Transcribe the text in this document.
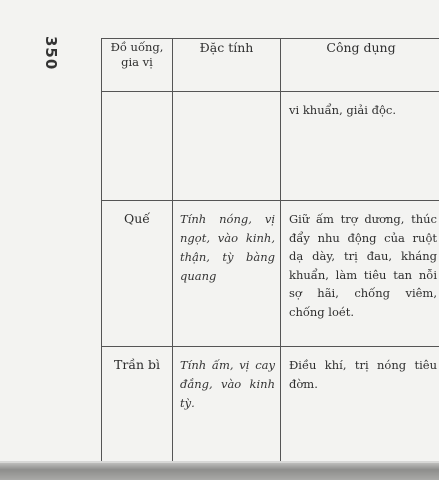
350	Đồ uống, gia vị	Đặc tính	Công dụng
		vi khuẩn, giải độc.
Quế	Tính nóng, vị ngọt, vào kinh, thận, tỳ bàng quang	Giữ ấm trợ dương, thúc đẩy nhu động của ruột dạ dày, trị đau, kháng khuẩn, làm tiêu tan nỗi sợ hãi, chống viêm, chống loét.
Trần bì	Tính ấm, vị cay đắng, vào kinh tỳ.	Điều khí, trị nóng tiêu đờm.
